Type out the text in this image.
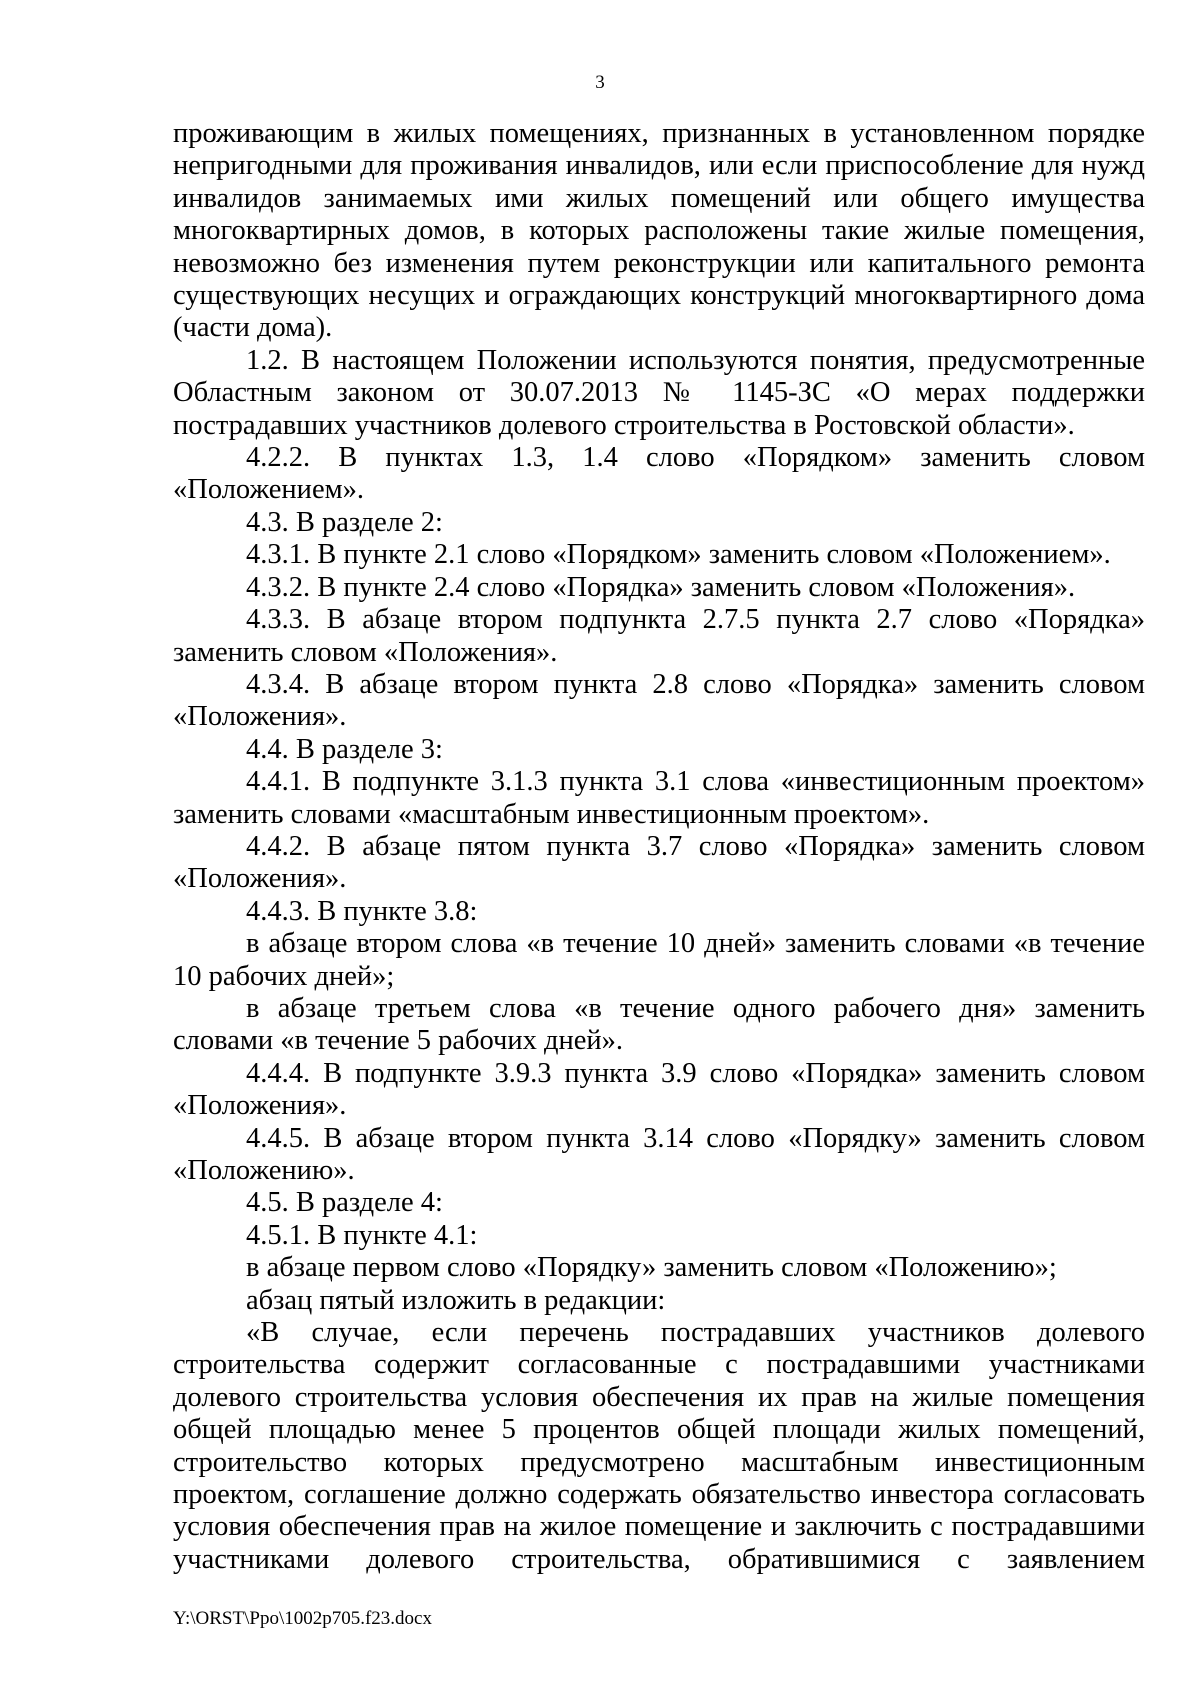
3

проживающим в жилых помещениях, признанных в установленном порядке непригодными для проживания инвалидов, или если приспособление для нужд инвалидов занимаемых ими жилых помещений или общего имущества многоквартирных домов, в которых расположены такие жилые помещения, невозможно без изменения путем реконструкции или капитального ремонта существующих несущих и ограждающих конструкций многоквартирного дома (части дома).

1.2. В настоящем Положении используются понятия, предусмотренные Областным законом от 30.07.2013 № 1145-ЗС «О мерах поддержки пострадавших участников долевого строительства в Ростовской области».

4.2.2. В пунктах 1.3, 1.4 слово «Порядком» заменить словом «Положением».

4.3. В разделе 2:

4.3.1. В пункте 2.1 слово «Порядком» заменить словом «Положением».

4.3.2. В пункте 2.4 слово «Порядка» заменить словом «Положения».

4.3.3. В абзаце втором подпункта 2.7.5 пункта 2.7 слово «Порядка» заменить словом «Положения».

4.3.4. В абзаце втором пункта 2.8 слово «Порядка» заменить словом «Положения».

4.4. В разделе 3:

4.4.1. В подпункте 3.1.3 пункта 3.1 слова «инвестиционным проектом» заменить словами «масштабным инвестиционным проектом».

4.4.2. В абзаце пятом пункта 3.7 слово «Порядка» заменить словом «Положения».

4.4.3. В пункте 3.8:

в абзаце втором слова «в течение 10 дней» заменить словами «в течение 10 рабочих дней»;

в абзаце третьем слова «в течение одного рабочего дня» заменить словами «в течение 5 рабочих дней».

4.4.4. В подпункте 3.9.3 пункта 3.9 слово «Порядка» заменить словом «Положения».

4.4.5. В абзаце втором пункта 3.14 слово «Порядку» заменить словом «Положению».

4.5. В разделе 4:

4.5.1. В пункте 4.1:

в абзаце первом слово «Порядку» заменить словом «Положению»;

абзац пятый изложить в редакции:

«В случае, если перечень пострадавших участников долевого строительства содержит согласованные с пострадавшими участниками долевого строительства условия обеспечения их прав на жилые помещения общей площадью менее 5 процентов общей площади жилых помещений, строительство которых предусмотрено масштабным инвестиционным проектом, соглашение должно содержать обязательство инвестора согласовать условия обеспечения прав на жилое помещение и заключить с пострадавшими участниками долевого строительства, обратившимися с заявлением

Y:\ORST\Ppo\1002p705.f23.docx
